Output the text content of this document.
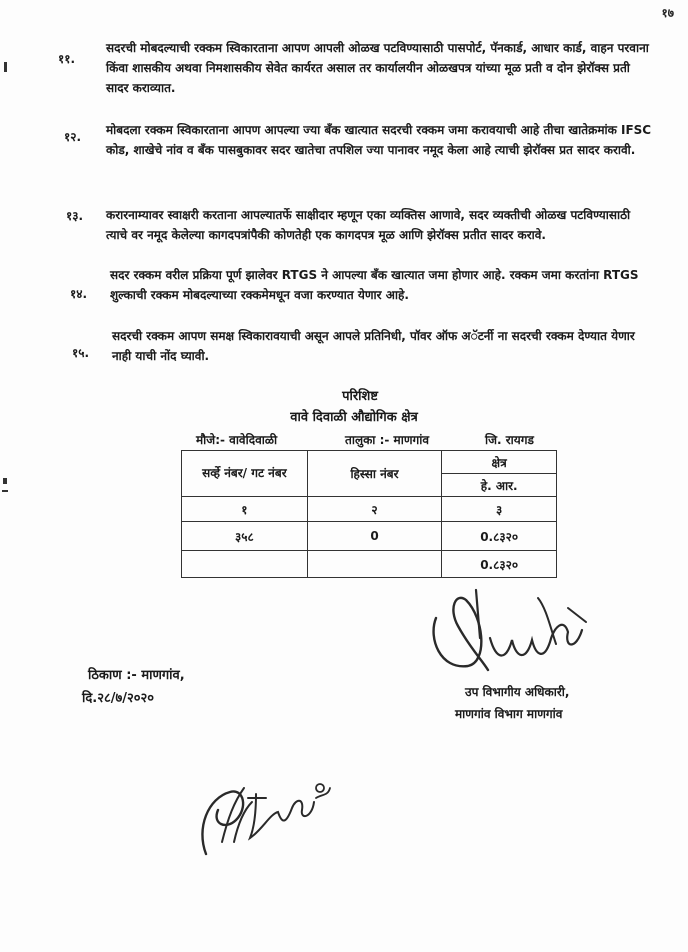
१७
११.
सदरची मोबदल्याची रक्कम स्विकारताना आपण आपली ओळख पटविण्यासाठी पासपोर्ट, पॅनकार्ड, आधार कार्ड, वाहन परवाना किंवा शासकीय अथवा निमशासकीय सेवेत कार्यरत असाल तर कार्यालयीन ओळखपत्र यांच्या मूळ प्रती व दोन झेरॉक्स प्रती सादर कराव्यात.
१२. मोबदला रक्कम स्विकारताना आपण आपल्या ज्या बँक खात्यात सदरची रक्कम जमा करावयाची आहे तीचा खातेक्रमांक IFSC कोड, शाखेचे नांव व बँक पासबुकावर सदर खातेचा तपशिल ज्या पानावर नमूद केला आहे त्याची झेरॉक्स प्रत सादर करावी.
१३. करारनाम्यावर स्वाक्षरी करताना आपल्यातर्फे साक्षीदार म्हणून एका व्यक्तिस आणावे, सदर व्यक्तीची ओळख पटविण्यासाठी त्याचे वर नमूद केलेल्या कागदपत्रांपैकी कोणतेही एक कागदपत्र मूळ आणि झेरॉक्स प्रतीत सादर करावे.
१४.
सदर रक्कम वरील प्रक्रिया पूर्ण झालेवर RTGS ने आपल्या बँक खात्यात जमा होणार आहे. रक्कम जमा करतांना RTGS शुल्काची रक्कम मोबदल्याच्या रक्कमेमधून वजा करण्यात येणार आहे.
१५.
सदरची रक्कम आपण समक्ष स्विकारावयाची असून आपले प्रतिनिधी, पॉवर ऑफ अॅटर्नी ना सदरची रक्कम देण्यात येणार नाही याची नोंद घ्यावी.
परिशिष्ट
वावे दिवाळी औद्योगिक क्षेत्र
मौजे:- वावेदिवाळी	तालुका :- माणगांव	जि. रायगड
सर्व्हे नंबर/ गट नंबर	हिस्सा नंबर	क्षेत्र
		हे. आर.
१	२	३
३५८	0	0.८३२०
		0.८३२०
ठिकाण :- माणगांव,
दि.२८/७/२०२०	उप विभागीय अधिकारी,
माणगांव विभाग माणगांव
